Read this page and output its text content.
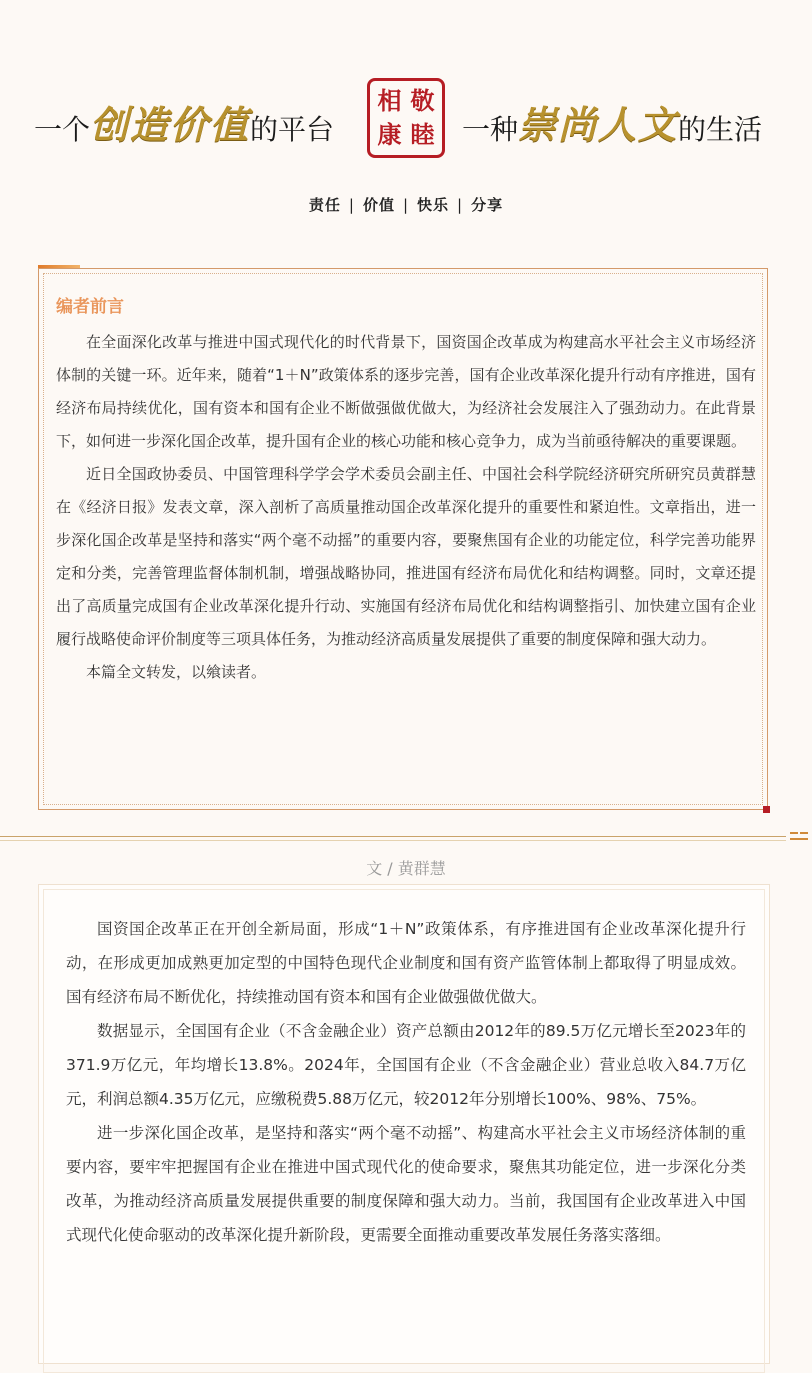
一个 创造价值 的平台
相 敬
康 睦 一种 崇尚人文 的生活
责任 | 价值 | 快乐 | 分享
编者前言

在全面深化改革与推进中国式现代化的时代背景下，国资国企改革成为构建高水平社会主义市场经济体制的关键一环。近年来，随着“1＋N”政策体系的逐步完善，国有企业改革深化提升行动有序推进，国有经济布局持续优化，国有资本和国有企业不断做强做优做大，为经济社会发展注入了强劲动力。在此背景下，如何进一步深化国企改革，提升国有企业的核心功能和核心竞争力，成为当前亟待解决的重要课题。

近日全国政协委员、中国管理科学学会学术委员会副主任、中国社会科学院经济研究所研究员黄群慧在《经济日报》发表文章，深入剖析了高质量推动国企改革深化提升的重要性和紧迫性。文章指出，进一步深化国企改革是坚持和落实“两个毫不动摇”的重要内容，要聚焦国有企业的功能定位，科学完善功能界定和分类，完善管理监督体制机制，增强战略协同，推进国有经济布局优化和结构调整。同时，文章还提出了高质量完成国有企业改革深化提升行动、实施国有经济布局优化和结构调整指引、加快建立国有企业履行战略使命评价制度等三项具体任务，为推动经济高质量发展提供了重要的制度保障和强大动力。

本篇全文转发，以飨读者。

文 / 黄群慧

国资国企改革正在开创全新局面，形成“1＋N”政策体系，有序推进国有企业改革深化提升行动，在形成更加成熟更加定型的中国特色现代企业制度和国有资产监管体制上都取得了明显成效。国有经济布局不断优化，持续推动国有资本和国有企业做强做优做大。

数据显示，全国国有企业（不含金融企业）资产总额由2012年的89.5万亿元增长至2023年的371.9万亿元，年均增长13.8%。2024年，全国国有企业（不含金融企业）营业总收入84.7万亿元，利润总额4.35万亿元，应缴税费5.88万亿元，较2012年分别增长100%、98%、75%。

进一步深化国企改革，是坚持和落实“两个毫不动摇”、构建高水平社会主义市场经济体制的重要内容，要牢牢把握国有企业在推进中国式现代化的使命要求，聚焦其功能定位，进一步深化分类改革，为推动经济高质量发展提供重要的制度保障和强大动力。当前，我国国有企业改革进入中国式现代化使命驱动的改革深化提升新阶段，更需要全面推动重要改革发展任务落实落细。
